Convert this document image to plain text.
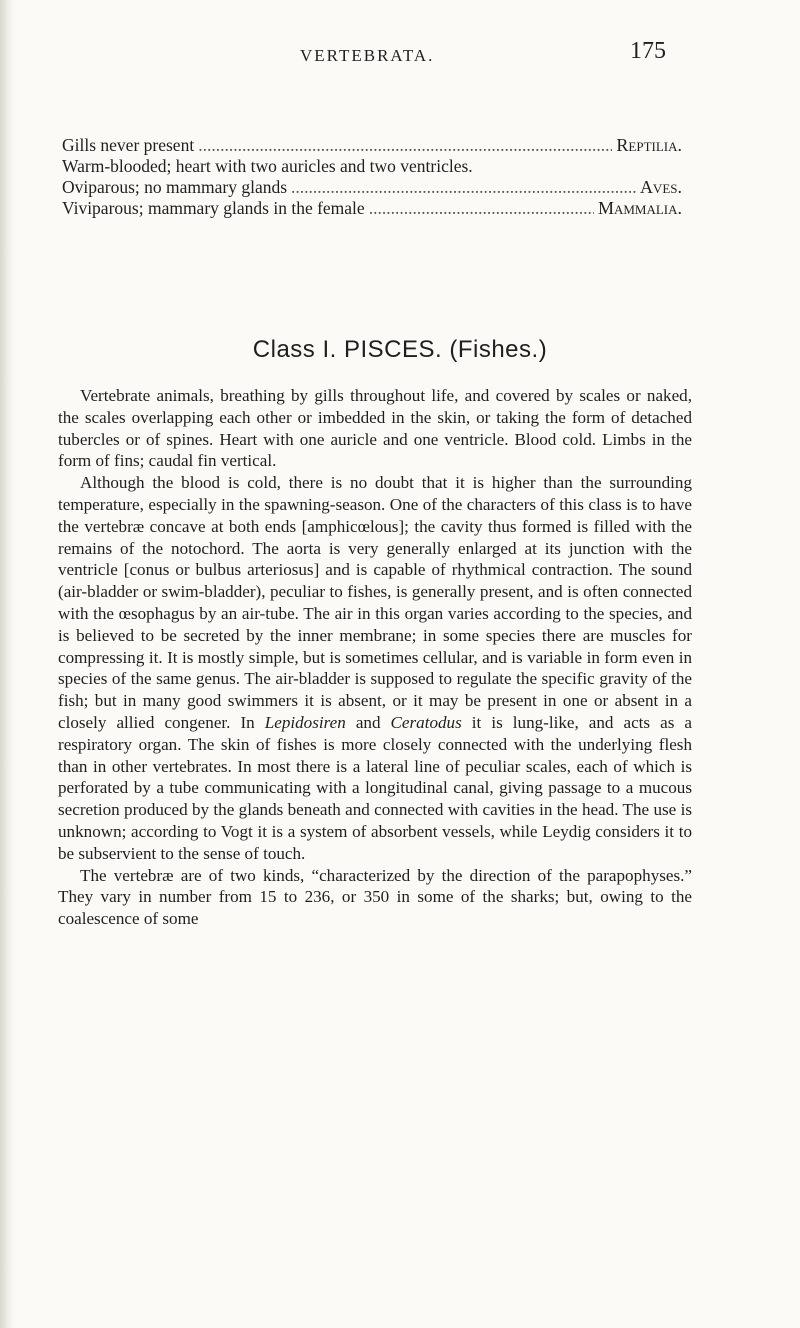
VERTEBRATA.	175
Gills never present .....	Reptilia.
Warm-blooded; heart with two auricles and two ventricles.
Oviparous; no mammary glands .....	Aves.
Viviparous; mammary glands in the female .....	Mammalia.
Class I. PISCES. (Fishes.)

Vertebrate animals, breathing by gills throughout life, and covered by scales or naked, the scales overlapping each other or imbedded in the skin, or taking the form of detached tubercles or of spines. Heart with one auricle and one ventricle. Blood cold. Limbs in the form of fins; caudal fin vertical.

Although the blood is cold, there is no doubt that it is higher than the surrounding temperature, especially in the spawning-season. One of the characters of this class is to have the vertebræ concave at both ends [amphicœlous]; the cavity thus formed is filled with the remains of the notochord. The aorta is very generally enlarged at its junction with the ventricle [conus or bulbus arteriosus] and is capable of rhythmical contraction. The sound (air-bladder or swim-bladder), peculiar to fishes, is generally present, and is often connected with the œsophagus by an air-tube. The air in this organ varies according to the species, and is believed to be secreted by the inner membrane; in some species there are muscles for compressing it. It is mostly simple, but is sometimes cellular, and is variable in form even in species of the same genus. The air-bladder is supposed to regulate the specific gravity of the fish; but in many good swimmers it is absent, or it may be present in one or absent in a closely allied congener. In Lepidosiren and Ceratodus it is lung-like, and acts as a respiratory organ. The skin of fishes is more closely connected with the underlying flesh than in other vertebrates. In most there is a lateral line of peculiar scales, each of which is perforated by a tube communicating with a longitudinal canal, giving passage to a mucous secretion produced by the glands beneath and connected with cavities in the head. The use is unknown; according to Vogt it is a system of absorbent vessels, while Leydig considers it to be subservient to the sense of touch.

The vertebræ are of two kinds, “characterized by the direction of the parapophyses.” They vary in number from 15 to 236, or 350 in some of the sharks; but, owing to the coalescence of some
